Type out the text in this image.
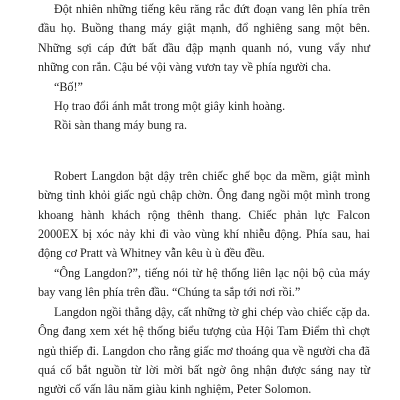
Đột nhiên những tiếng kêu răng rắc đứt đoạn vang lên phía trên đầu họ. Buồng thang máy giật mạnh, đổ nghiêng sang một bên. Những sợi cáp đứt bất đầu đập mạnh quanh nó, vung vẩy như những con rắn. Cậu bé vội vàng vươn tay về phía người cha.

“Bố!”

Họ trao đổi ánh mắt trong một giây kinh hoàng.

Rồi sàn thang máy bung ra.

Robert Langdon bật dậy trên chiếc ghế bọc da mềm, giật mình bừng tỉnh khỏi giấc ngủ chập chờn. Ông đang ngồi một mình trong khoang hành khách rộng thênh thang. Chiếc phản lực Falcon 2000EX bị xóc nảy khi đi vào vùng khí nhiễu động. Phía sau, hai động cơ Pratt và Whitney vẫn kêu ù ù đều đều.

“Ông Langdon?”, tiếng nói từ hệ thống liên lạc nội bộ của máy bay vang lên phía trên đầu. “Chúng ta sắp tới nơi rồi.”

Langdon ngồi thẳng dậy, cất những tờ ghi chép vào chiếc cặp da. Ông đang xem xét hệ thống biểu tượng của Hội Tam Điểm thì chợt ngủ thiếp đi. Langdon cho rằng giấc mơ thoáng qua về người cha đã quá cố bắt nguồn từ lời mời bất ngờ ông nhận được sáng nay từ người cố vấn lâu năm giàu kinh nghiệm, Peter Solomon.
